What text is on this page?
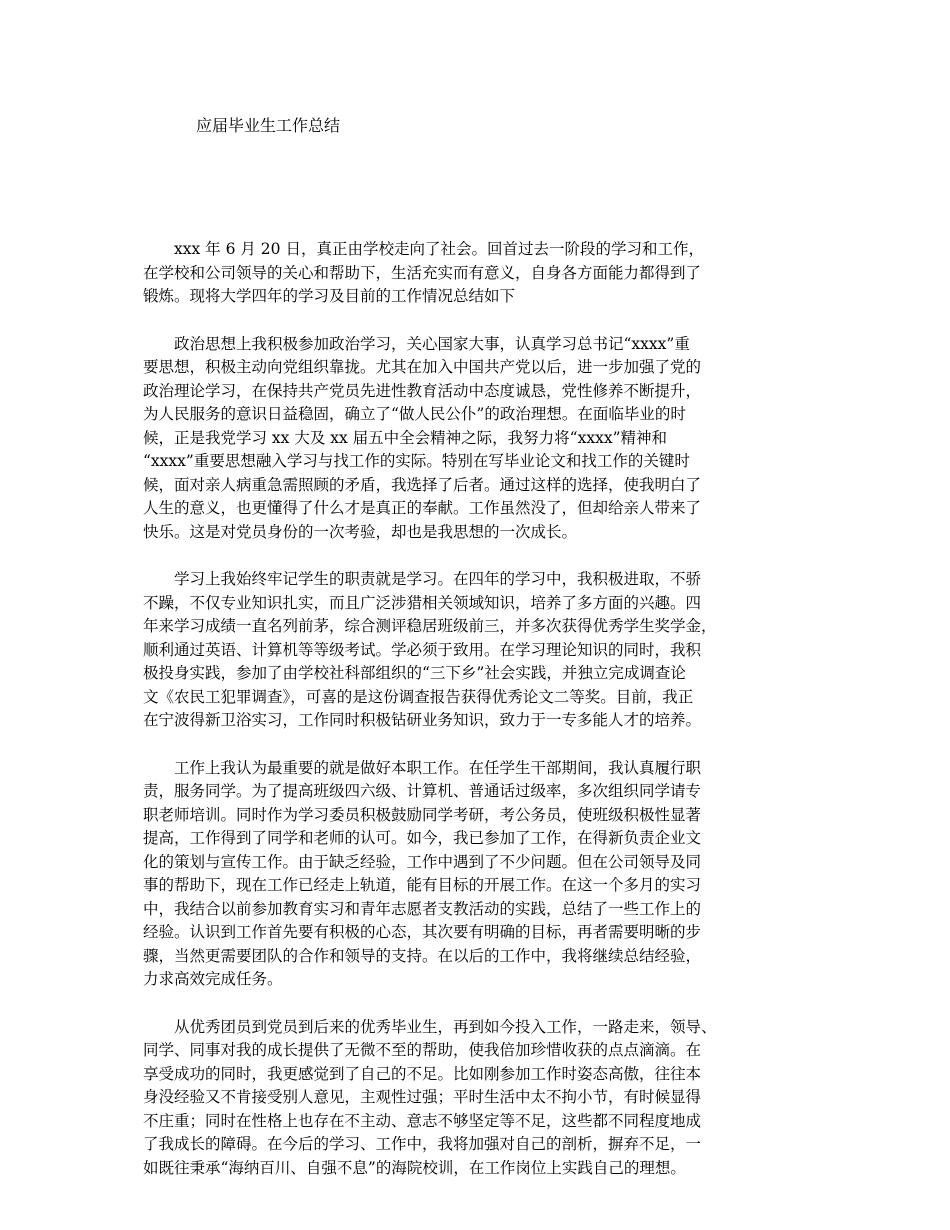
应届毕业生工作总结

　　xxx 年 6 月 20 日，真正由学校走向了社会。回首过去一阶段的学习和工作，
在学校和公司领导的关心和帮助下，生活充实而有意义，自身各方面能力都得到了
锻炼。现将大学四年的学习及目前的工作情况总结如下

　　政治思想上我积极参加政治学习，关心国家大事，认真学习总书记“xxxx”重
要思想，积极主动向党组织靠拢。尤其在加入中国共产党以后，进一步加强了党的
政治理论学习，在保持共产党员先进性教育活动中态度诚恳，党性修养不断提升，
为人民服务的意识日益稳固，确立了“做人民公仆”的政治理想。在面临毕业的时
候，正是我党学习 xx 大及 xx 届五中全会精神之际，我努力将“xxxx”精神和
“xxxx”重要思想融入学习与找工作的实际。特别在写毕业论文和找工作的关键时
候，面对亲人病重急需照顾的矛盾，我选择了后者。通过这样的选择，使我明白了
人生的意义，也更懂得了什么才是真正的奉献。工作虽然没了，但却给亲人带来了
快乐。这是对党员身份的一次考验，却也是我思想的一次成长。

　　学习上我始终牢记学生的职责就是学习。在四年的学习中，我积极进取，不骄
不躁，不仅专业知识扎实，而且广泛涉猎相关领域知识，培养了多方面的兴趣。四
年来学习成绩一直名列前茅，综合测评稳居班级前三，并多次获得优秀学生奖学金，
顺利通过英语、计算机等等级考试。学必须于致用。在学习理论知识的同时，我积
极投身实践，参加了由学校社科部组织的“三下乡”社会实践，并独立完成调查论
文《农民工犯罪调查》，可喜的是这份调查报告获得优秀论文二等奖。目前，我正
在宁波得新卫浴实习，工作同时积极钻研业务知识，致力于一专多能人才的培养。

　　工作上我认为最重要的就是做好本职工作。在任学生干部期间，我认真履行职
责，服务同学。为了提高班级四六级、计算机、普通话过级率，多次组织同学请专
职老师培训。同时作为学习委员积极鼓励同学考研，考公务员，使班级积极性显著
提高，工作得到了同学和老师的认可。如今，我已参加了工作，在得新负责企业文
化的策划与宣传工作。由于缺乏经验，工作中遇到了不少问题。但在公司领导及同
事的帮助下，现在工作已经走上轨道，能有目标的开展工作。在这一个多月的实习
中，我结合以前参加教育实习和青年志愿者支教活动的实践，总结了一些工作上的
经验。认识到工作首先要有积极的心态，其次要有明确的目标，再者需要明晰的步
骤，当然更需要团队的合作和领导的支持。在以后的工作中，我将继续总结经验，
力求高效完成任务。

　　从优秀团员到党员到后来的优秀毕业生，再到如今投入工作，一路走来，领导、
同学、同事对我的成长提供了无微不至的帮助，使我倍加珍惜收获的点点滴滴。在
享受成功的同时，我更感觉到了自己的不足。比如刚参加工作时姿态高傲，往往本
身没经验又不肯接受别人意见，主观性过强；平时生活中太不拘小节，有时候显得
不庄重；同时在性格上也存在不主动、意志不够坚定等不足，这些都不同程度地成
了我成长的障碍。在今后的学习、工作中，我将加强对自己的剖析，摒弃不足，一
如既往秉承“海纳百川、自强不息”的海院校训，在工作岗位上实践自己的理想。
